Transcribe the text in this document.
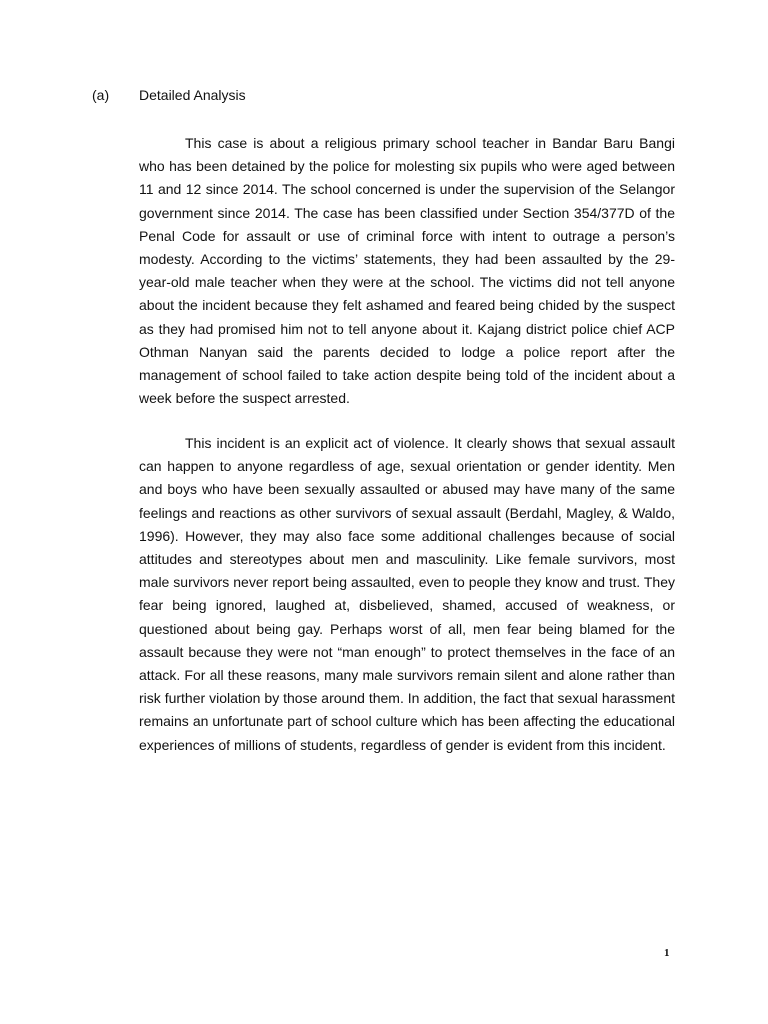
(a) Detailed Analysis

This case is about a religious primary school teacher in Bandar Baru Bangi who has been detained by the police for molesting six pupils who were aged between 11 and 12 since 2014. The school concerned is under the supervision of the Selangor government since 2014. The case has been classified under Section 354/377D of the Penal Code for assault or use of criminal force with intent to outrage a person’s modesty. According to the victims’ statements, they had been assaulted by the 29-year-old male teacher when they were at the school. The victims did not tell anyone about the incident because they felt ashamed and feared being chided by the suspect as they had promised him not to tell anyone about it. Kajang district police chief ACP Othman Nanyan said the parents decided to lodge a police report after the management of school failed to take action despite being told of the incident about a week before the suspect arrested.

This incident is an explicit act of violence. It clearly shows that sexual assault can happen to anyone regardless of age, sexual orientation or gender identity. Men and boys who have been sexually assaulted or abused may have many of the same feelings and reactions as other survivors of sexual assault (Berdahl, Magley, & Waldo, 1996). However, they may also face some additional challenges because of social attitudes and stereotypes about men and masculinity. Like female survivors, most male survivors never report being assaulted, even to people they know and trust. They fear being ignored, laughed at, disbelieved, shamed, accused of weakness, or questioned about being gay. Perhaps worst of all, men fear being blamed for the assault because they were not “man enough” to protect themselves in the face of an attack. For all these reasons, many male survivors remain silent and alone rather than risk further violation by those around them. In addition, the fact that sexual harassment remains an unfortunate part of school culture which has been affecting the educational experiences of millions of students, regardless of gender is evident from this incident.

1
